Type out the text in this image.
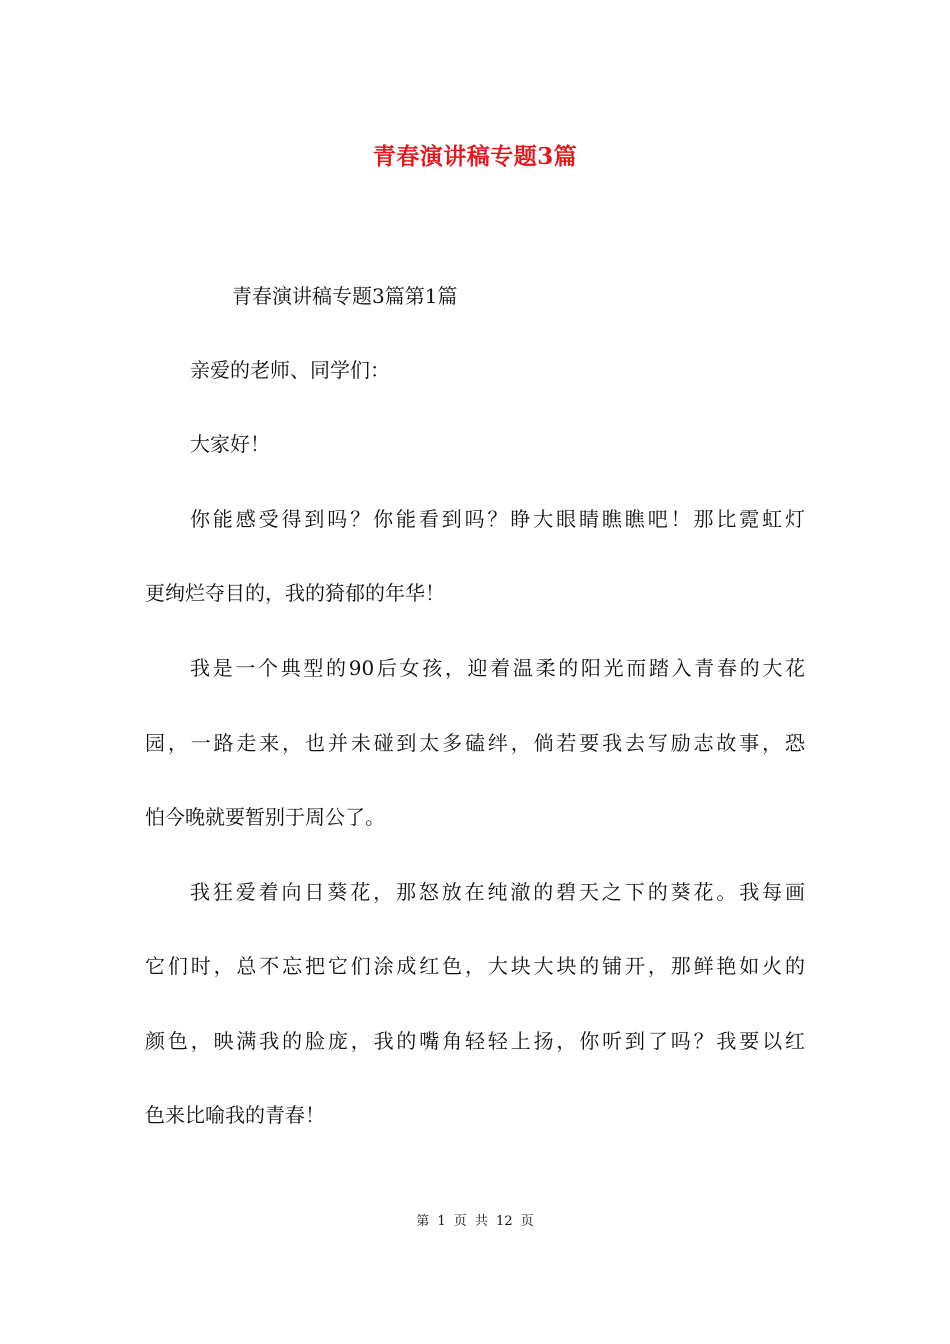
青春演讲稿专题3篇
青春演讲稿专题3篇第1篇
亲爱的老师、同学们：
大家好！
你能感受得到吗？你能看到吗？睁大眼睛瞧瞧吧！那比霓虹灯
更绚烂夺目的，我的猗郁的年华！
我是一个典型的90后女孩，迎着温柔的阳光而踏入青春的大花
园，一路走来，也并未碰到太多磕绊，倘若要我去写励志故事，恐
怕今晚就要暂别于周公了。
我狂爱着向日葵花，那怒放在纯澈的碧天之下的葵花。我每画
它们时，总不忘把它们涂成红色，大块大块的铺开，那鲜艳如火的
颜色，映满我的脸庞，我的嘴角轻轻上扬，你听到了吗？我要以红
色来比喻我的青春！
第 1 页 共 12 页
